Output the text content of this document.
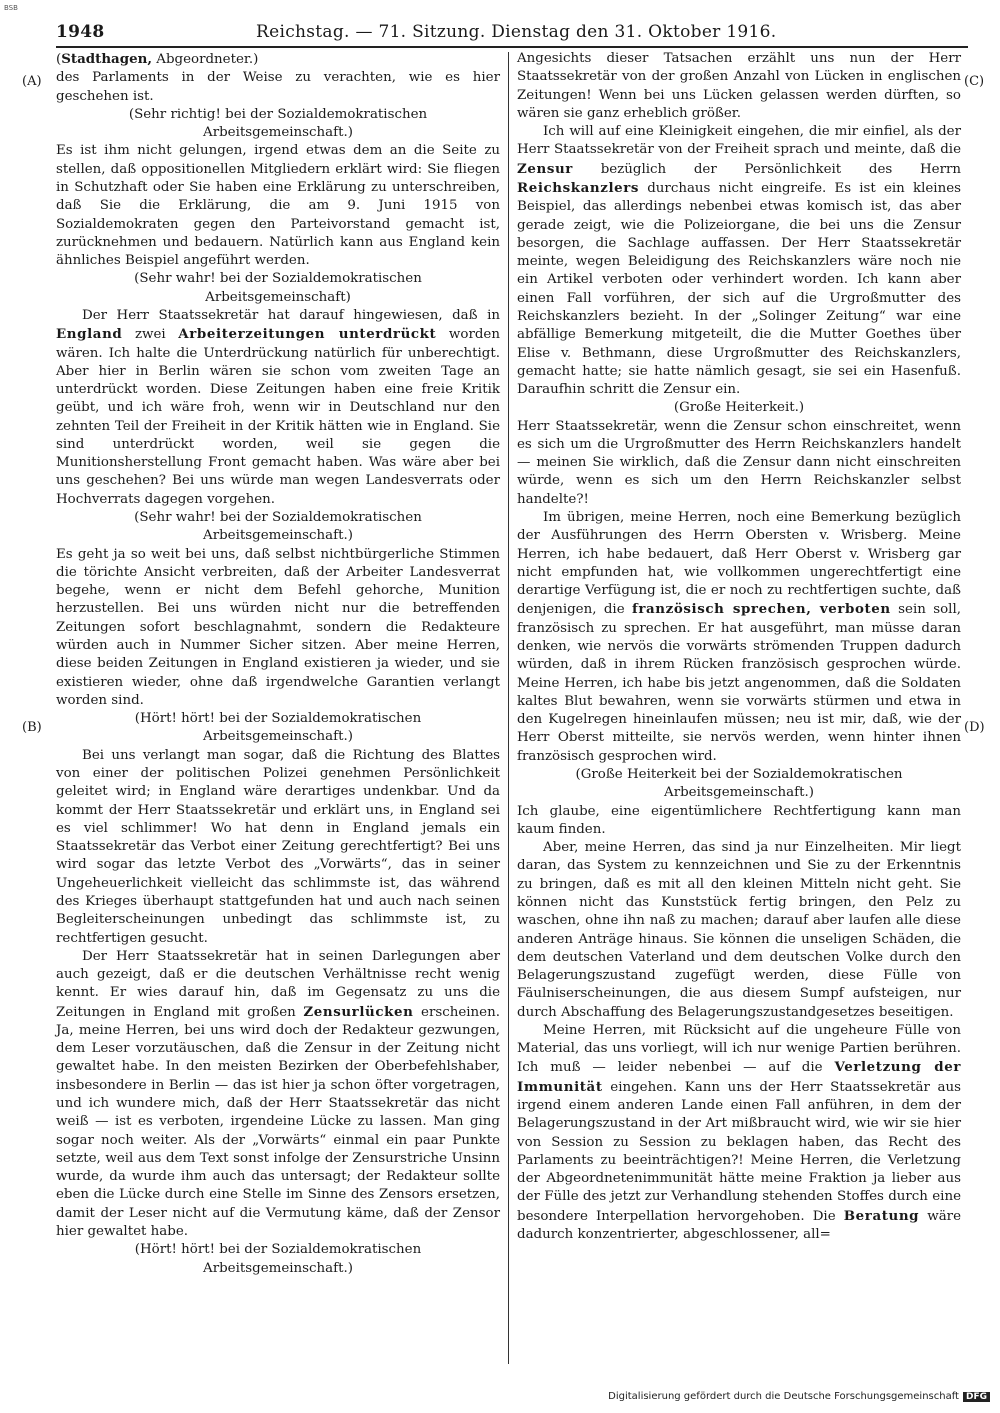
BSB
1948	Reichstag. — 71. Sitzung. Dienstag den 31. Oktober 1916.
(A)
(B)
(C)
(D)

(Stadthagen, Abgeordneter.)

des Parlaments in der Weise zu verachten, wie es hier geschehen ist.

(Sehr richtig! bei der Sozialdemokratischen Arbeitsgemeinschaft.)

Es ist ihm nicht gelungen, irgend etwas dem an die Seite zu stellen, daß oppositionellen Mitgliedern erklärt wird: Sie fliegen in Schutzhaft oder Sie haben eine Erklärung zu unterschreiben, daß Sie die Erklärung, die am 9. Juni 1915 von Sozialdemokraten gegen den Parteivorstand gemacht ist, zurücknehmen und bedauern. Natürlich kann aus England kein ähnliches Beispiel angeführt werden.

(Sehr wahr! bei der Sozialdemokratischen Arbeitsgemeinschaft)

Der Herr Staatssekretär hat darauf hingewiesen, daß in England zwei Arbeiterzeitungen unterdrückt worden wären. Ich halte die Unterdrückung natürlich für unberechtigt. Aber hier in Berlin wären sie schon vom zweiten Tage an unterdrückt worden. Diese Zeitungen haben eine freie Kritik geübt, und ich wäre froh, wenn wir in Deutschland nur den zehnten Teil der Freiheit in der Kritik hätten wie in England. Sie sind unterdrückt worden, weil sie gegen die Munitionsherstellung Front gemacht haben. Was wäre aber bei uns geschehen? Bei uns würde man wegen Landesverrats oder Hochverrats dagegen vorgehen.

(Sehr wahr! bei der Sozialdemokratischen Arbeitsgemeinschaft.)

Es geht ja so weit bei uns, daß selbst nichtbürgerliche Stimmen die törichte Ansicht verbreiten, daß der Arbeiter Landesverrat begehe, wenn er nicht dem Befehl gehorche, Munition herzustellen. Bei uns würden nicht nur die betreffenden Zeitungen sofort beschlagnahmt, sondern die Redakteure würden auch in Nummer Sicher sitzen. Aber meine Herren, diese beiden Zeitungen in England existieren ja wieder, und sie existieren wieder, ohne daß irgendwelche Garantien verlangt worden sind.

(Hört! hört! bei der Sozialdemokratischen Arbeitsgemeinschaft.)

Bei uns verlangt man sogar, daß die Richtung des Blattes von einer der politischen Polizei genehmen Persönlichkeit geleitet wird; in England wäre derartiges undenkbar. Und da kommt der Herr Staatssekretär und erklärt uns, in England sei es viel schlimmer! Wo hat denn in England jemals ein Staatssekretär das Verbot einer Zeitung gerechtfertigt? Bei uns wird sogar das letzte Verbot des „Vorwärts“, das in seiner Ungeheuerlichkeit vielleicht das schlimmste ist, das während des Krieges überhaupt stattgefunden hat und auch nach seinen Begleiterscheinungen unbedingt das schlimmste ist, zu rechtfertigen gesucht.

Der Herr Staatssekretär hat in seinen Darlegungen aber auch gezeigt, daß er die deutschen Verhältnisse recht wenig kennt. Er wies darauf hin, daß im Gegensatz zu uns die Zeitungen in England mit großen Zensurlücken erscheinen. Ja, meine Herren, bei uns wird doch der Redakteur gezwungen, dem Leser vorzutäuschen, daß die Zensur in der Zeitung nicht gewaltet habe. In den meisten Bezirken der Oberbefehlshaber, insbesondere in Berlin — das ist hier ja schon öfter vorgetragen, und ich wundere mich, daß der Herr Staatssekretär das nicht weiß — ist es verboten, irgendeine Lücke zu lassen. Man ging sogar noch weiter. Als der „Vorwärts“ einmal ein paar Punkte setzte, weil aus dem Text sonst infolge der Zensurstriche Unsinn wurde, da wurde ihm auch das untersagt; der Redakteur sollte eben die Lücke durch eine Stelle im Sinne des Zensors ersetzen, damit der Leser nicht auf die Vermutung käme, daß der Zensor hier gewaltet habe.

(Hört! hört! bei der Sozialdemokratischen Arbeitsgemeinschaft.)

Angesichts dieser Tatsachen erzählt uns nun der Herr Staatssekretär von der großen Anzahl von Lücken in englischen Zeitungen! Wenn bei uns Lücken gelassen werden dürften, so wären sie ganz erheblich größer.

Ich will auf eine Kleinigkeit eingehen, die mir einfiel, als der Herr Staatssekretär von der Freiheit sprach und meinte, daß die Zensur bezüglich der Persönlichkeit des Herrn Reichskanzlers durchaus nicht eingreife. Es ist ein kleines Beispiel, das allerdings nebenbei etwas komisch ist, das aber gerade zeigt, wie die Polizeiorgane, die bei uns die Zensur besorgen, die Sachlage auffassen. Der Herr Staatssekretär meinte, wegen Beleidigung des Reichskanzlers wäre noch nie ein Artikel verboten oder verhindert worden. Ich kann aber einen Fall vorführen, der sich auf die Urgroßmutter des Reichskanzlers bezieht. In der „Solinger Zeitung“ war eine abfällige Bemerkung mitgeteilt, die die Mutter Goethes über Elise v. Bethmann, diese Urgroßmutter des Reichskanzlers, gemacht hatte; sie hatte nämlich gesagt, sie sei ein Hasenfuß. Daraufhin schritt die Zensur ein.

(Große Heiterkeit.)

Herr Staatssekretär, wenn die Zensur schon einschreitet, wenn es sich um die Urgroßmutter des Herrn Reichskanzlers handelt — meinen Sie wirklich, daß die Zensur dann nicht einschreiten würde, wenn es sich um den Herrn Reichskanzler selbst handelte?!

Im übrigen, meine Herren, noch eine Bemerkung bezüglich der Ausführungen des Herrn Obersten v. Wrisberg. Meine Herren, ich habe bedauert, daß Herr Oberst v. Wrisberg gar nicht empfunden hat, wie vollkommen ungerechtfertigt eine derartige Verfügung ist, die er noch zu rechtfertigen suchte, daß denjenigen, die französisch sprechen, verboten sein soll, französisch zu sprechen. Er hat ausgeführt, man müsse daran denken, wie nervös die vorwärts strömenden Truppen dadurch würden, daß in ihrem Rücken französisch gesprochen würde. Meine Herren, ich habe bis jetzt angenommen, daß die Soldaten kaltes Blut bewahren, wenn sie vorwärts stürmen und etwa in den Kugelregen hineinlaufen müssen; neu ist mir, daß, wie der Herr Oberst mitteilte, sie nervös werden, wenn hinter ihnen französisch gesprochen wird.

(Große Heiterkeit bei der Sozialdemokratischen Arbeitsgemeinschaft.)

Ich glaube, eine eigentümlichere Rechtfertigung kann man kaum finden.

Aber, meine Herren, das sind ja nur Einzelheiten. Mir liegt daran, das System zu kennzeichnen und Sie zu der Erkenntnis zu bringen, daß es mit all den kleinen Mitteln nicht geht. Sie können nicht das Kunststück fertig bringen, den Pelz zu waschen, ohne ihn naß zu machen; darauf aber laufen alle diese anderen Anträge hinaus. Sie können die unseligen Schäden, die dem deutschen Vaterland und dem deutschen Volke durch den Belagerungszustand zugefügt werden, diese Fülle von Fäulniserscheinungen, die aus diesem Sumpf aufsteigen, nur durch Abschaffung des Belagerungszustandgesetzes beseitigen.

Meine Herren, mit Rücksicht auf die ungeheure Fülle von Material, das uns vorliegt, will ich nur wenige Partien berühren. Ich muß — leider nebenbei — auf die Verletzung der Immunität eingehen. Kann uns der Herr Staatssekretär aus irgend einem anderen Lande einen Fall anführen, in dem der Belagerungszustand in der Art mißbraucht wird, wie wir sie hier von Session zu Session zu beklagen haben, das Recht des Parlaments zu beeinträchtigen?! Meine Herren, die Verletzung der Abgeordnetenimmunität hätte meine Fraktion ja lieber aus der Fülle des jetzt zur Verhandlung stehenden Stoffes durch eine besondere Interpellation hervorgehoben. Die Beratung wäre dadurch konzentrierter, abgeschlossener, all=

Digitalisierung gefördert durch die Deutsche Forschungsgemeinschaft DFG
